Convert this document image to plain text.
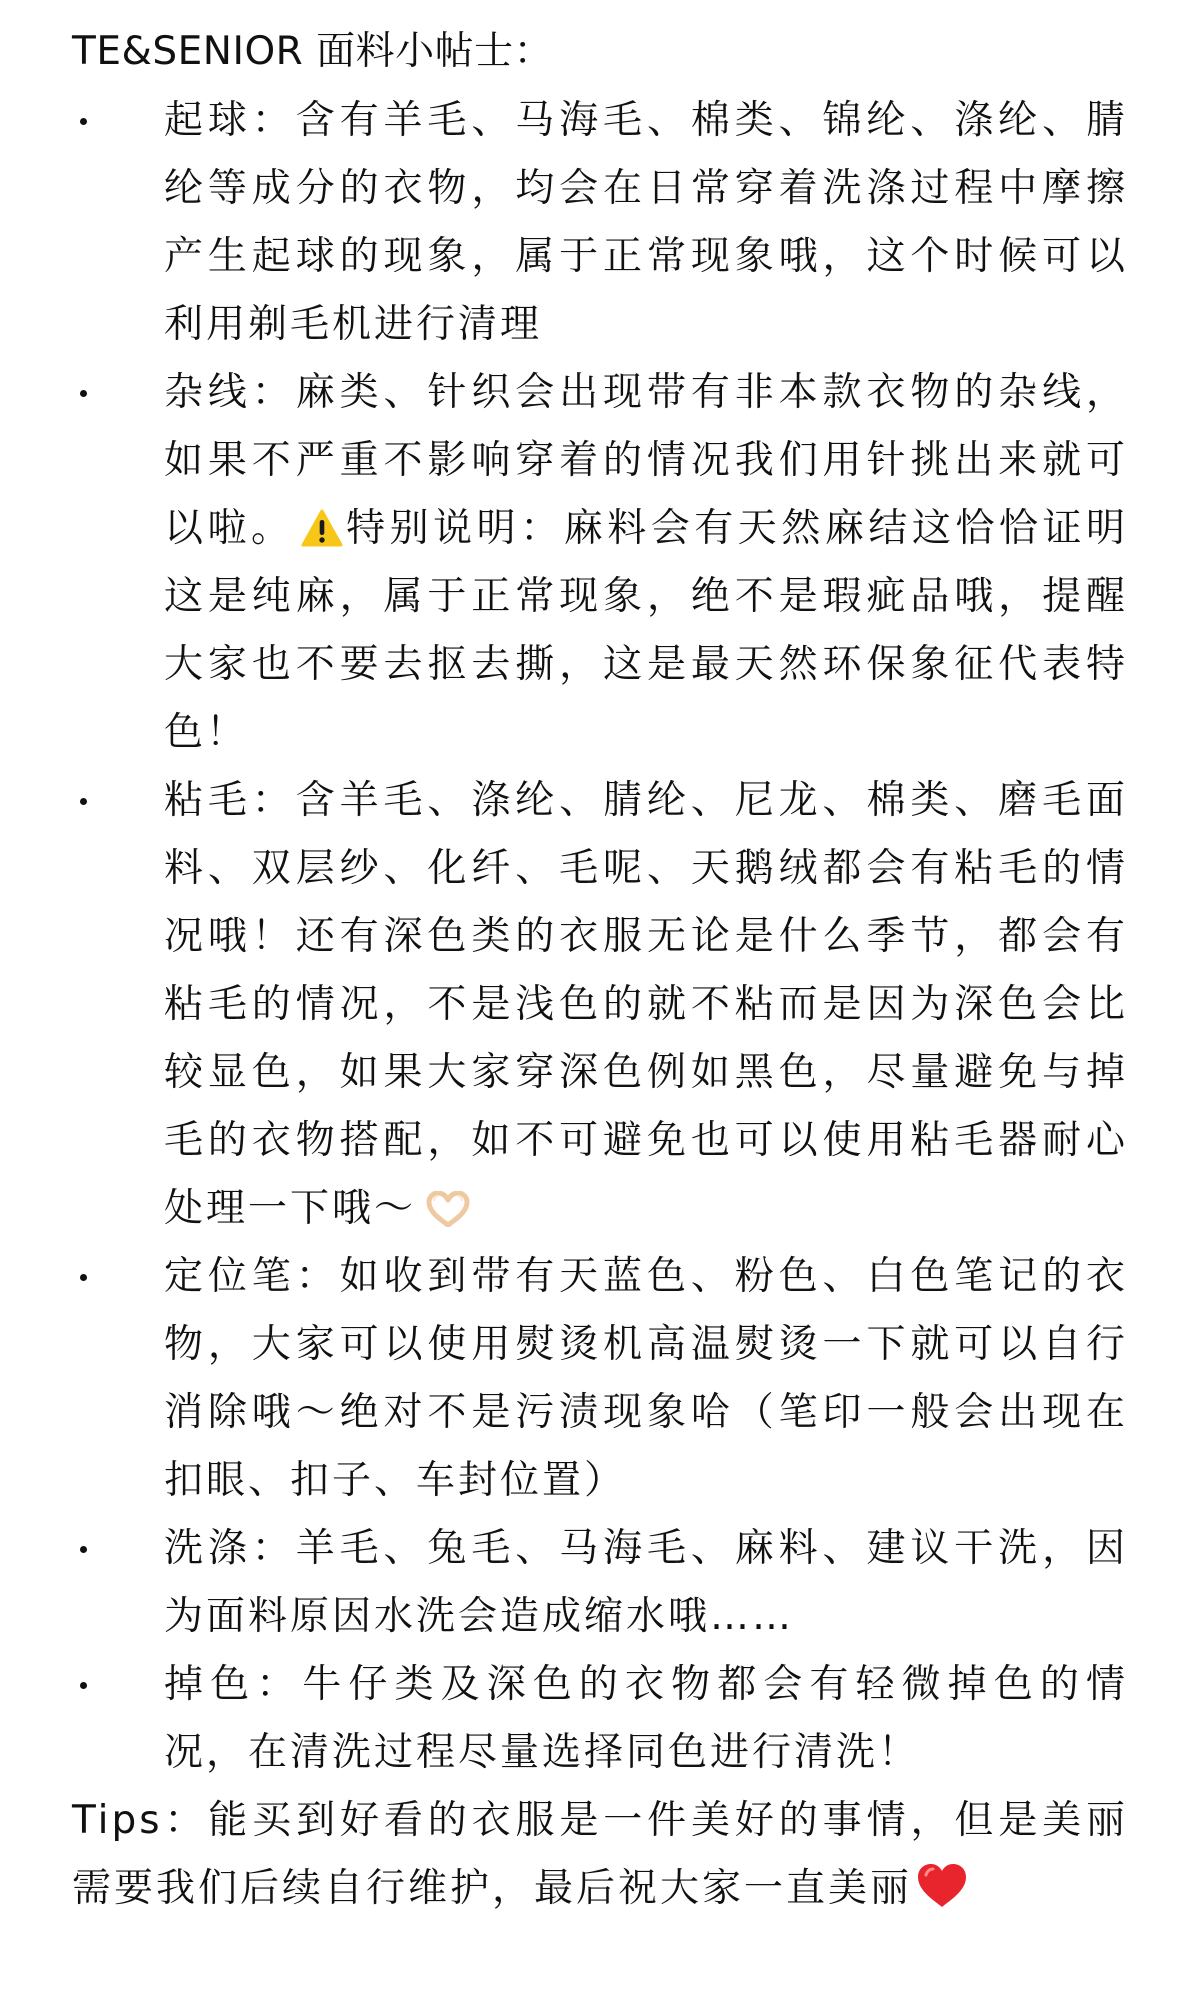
TE&SENIOR 面料小帖士：
起球：含有羊毛、马海毛、棉类、锦纶、涤纶、腈纶等成分的衣物，均会在日常穿着洗涤过程中摩擦产生起球的现象，属于正常现象哦，这个时候可以利用剃毛机进行清理
杂线：麻类、针织会出现带有非本款衣物的杂线，如果不严重不影响穿着的情况我们用针挑出来就可以啦。 特别说明：麻料会有天然麻结这恰恰证明这是纯麻，属于正常现象，绝不是瑕疵品哦，提醒大家也不要去抠去撕，这是最天然环保象征代表特色！
粘毛：含羊毛、涤纶、腈纶、尼龙、棉类、磨毛面料、双层纱、化纤、毛呢、天鹅绒都会有粘毛的情况哦！还有深色类的衣服无论是什么季节，都会有粘毛的情况，不是浅色的就不粘而是因为深色会比较显色，如果大家穿深色例如黑色，尽量避免与掉毛的衣物搭配，如不可避免也可以使用粘毛器耐心处理一下哦～
定位笔：如收到带有天蓝色、粉色、白色笔记的衣物，大家可以使用熨烫机高温熨烫一下就可以自行消除哦～绝对不是污渍现象哈（笔印一般会出现在扣眼、扣子、车封位置）
洗涤：羊毛、兔毛、马海毛、麻料、建议干洗，因为面料原因水洗会造成缩水哦……
掉色：牛仔类及深色的衣物都会有轻微掉色的情况，在清洗过程尽量选择同色进行清洗！
Tips：能买到好看的衣服是一件美好的事情，但是美丽需要我们后续自行维护，最后祝大家一直美丽
